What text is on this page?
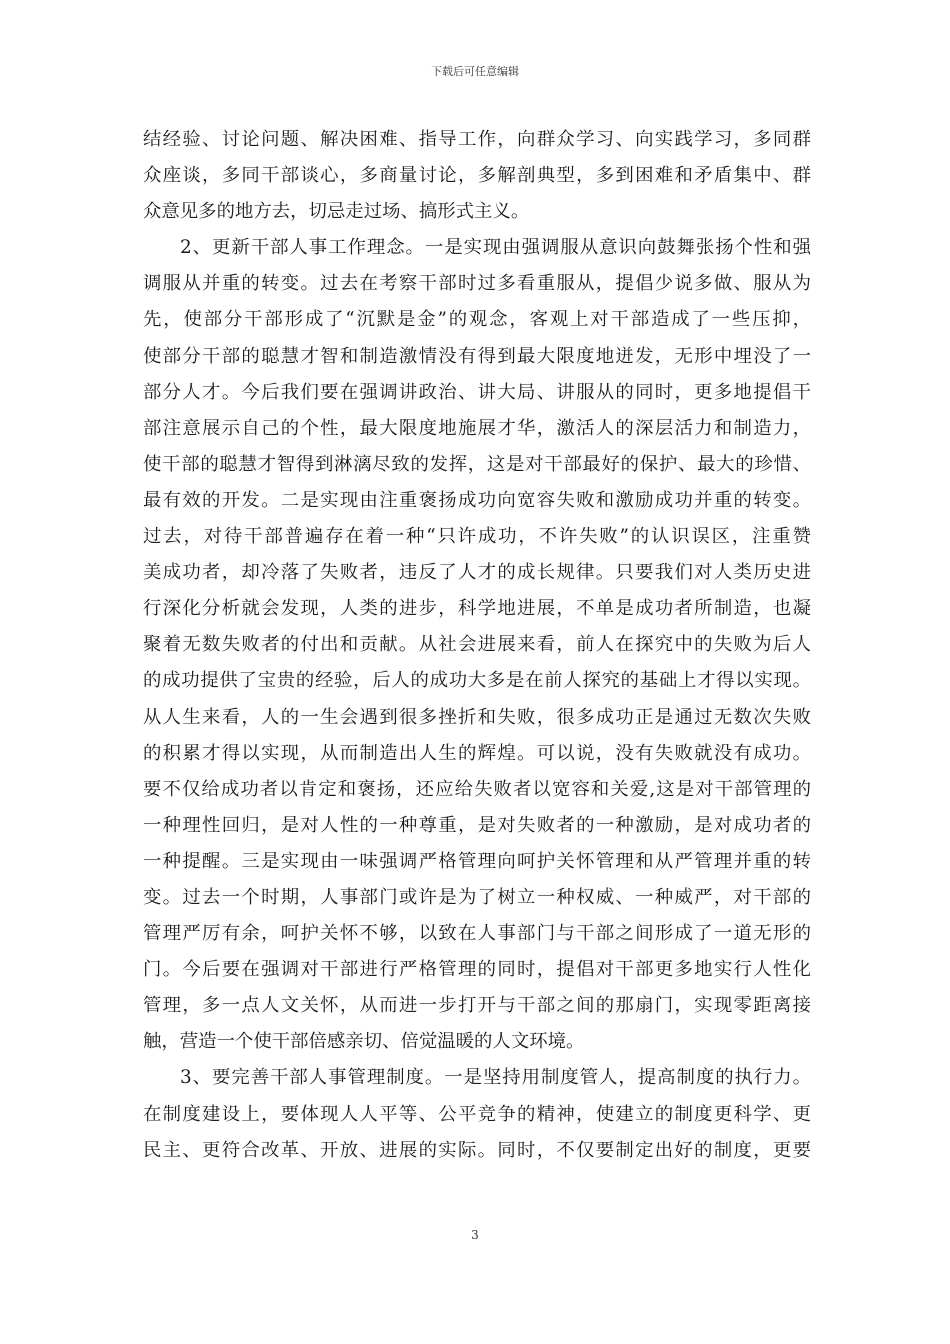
下载后可任意编辑
结经验、讨论问题、解决困难、指导工作，向群众学习、向实践学习，多同群
众座谈，多同干部谈心，多商量讨论，多解剖典型，多到困难和矛盾集中、群
众意见多的地方去，切忌走过场、搞形式主义。
2、更新干部人事工作理念。一是实现由强调服从意识向鼓舞张扬个性和强
调服从并重的转变。过去在考察干部时过多看重服从，提倡少说多做、服从为
先，使部分干部形成了“沉默是金”的观念，客观上对干部造成了一些压抑，
使部分干部的聪慧才智和制造激情没有得到最大限度地迸发，无形中埋没了一
部分人才。今后我们要在强调讲政治、讲大局、讲服从的同时，更多地提倡干
部注意展示自己的个性，最大限度地施展才华，激活人的深层活力和制造力，
使干部的聪慧才智得到淋漓尽致的发挥，这是对干部最好的保护、最大的珍惜、
最有效的开发。二是实现由注重褒扬成功向宽容失败和激励成功并重的转变。
过去，对待干部普遍存在着一种“只许成功，不许失败”的认识误区，注重赞
美成功者，却冷落了失败者，违反了人才的成长规律。只要我们对人类历史进
行深化分析就会发现，人类的进步，科学地进展，不单是成功者所制造，也凝
聚着无数失败者的付出和贡献。从社会进展来看，前人在探究中的失败为后人
的成功提供了宝贵的经验，后人的成功大多是在前人探究的基础上才得以实现。
从人生来看，人的一生会遇到很多挫折和失败，很多成功正是通过无数次失败
的积累才得以实现，从而制造出人生的辉煌。可以说，没有失败就没有成功。
要不仅给成功者以肯定和褒扬，还应给失败者以宽容和关爱,这是对干部管理的
一种理性回归，是对人性的一种尊重，是对失败者的一种激励，是对成功者的
一种提醒。三是实现由一味强调严格管理向呵护关怀管理和从严管理并重的转
变。过去一个时期，人事部门或许是为了树立一种权威、一种威严，对干部的
管理严厉有余，呵护关怀不够，以致在人事部门与干部之间形成了一道无形的
门。今后要在强调对干部进行严格管理的同时，提倡对干部更多地实行人性化
管理，多一点人文关怀，从而进一步打开与干部之间的那扇门，实现零距离接
触，营造一个使干部倍感亲切、倍觉温暖的人文环境。
3、要完善干部人事管理制度。一是坚持用制度管人，提高制度的执行力。
在制度建设上，要体现人人平等、公平竞争的精神，使建立的制度更科学、更
民主、更符合改革、开放、进展的实际。同时，不仅要制定出好的制度，更要
3
